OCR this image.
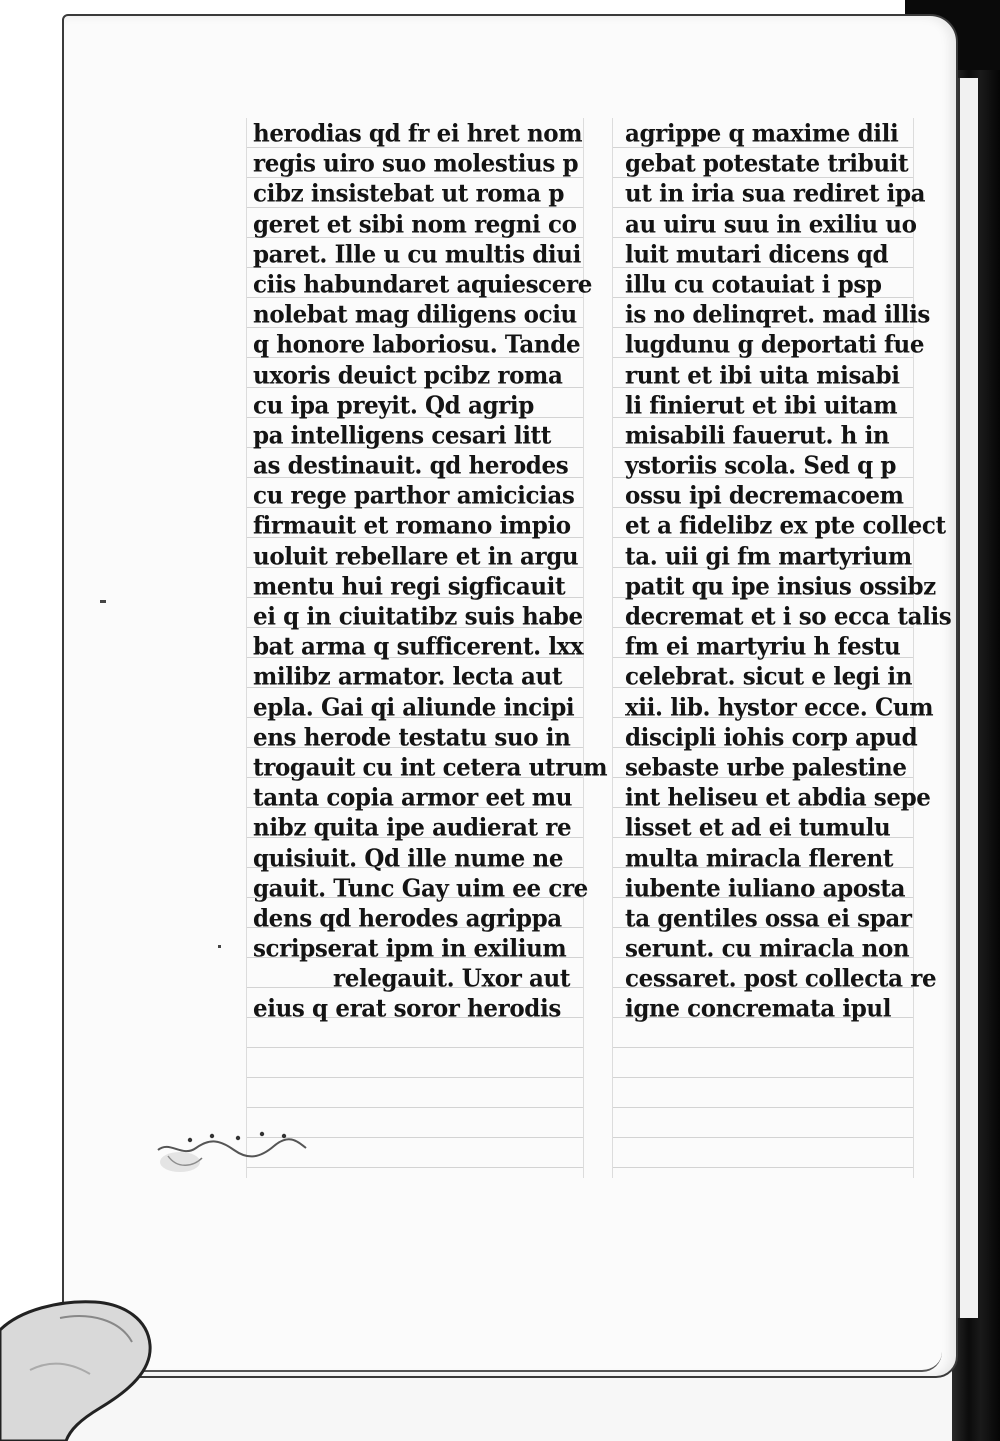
herodias qd fr ei hret nom
regis uiro suo molestius p
cibz insistebat ut roma p
geret et sibi nom regni co
paret. Ille u cu multis diui
ciis habundaret aquiescere
nolebat mag diligens ociu
q honore laboriosu. Tande
uxoris deuict pcibz roma
cu ipa preyit. Qd agrip
pa intelligens cesari litt
as destinauit. qd herodes
cu rege parthor amicicias
firmauit et romano impio
uoluit rebellare et in argu
mentu hui regi sigficauit
ei q in ciuitatibz suis habe
bat arma q sufficerent. lxx
milibz armator. lecta aut
epla. Gai qi aliunde incipi
ens herode testatu suo in
trogauit cu int cetera utrum
tanta copia armor eet mu
nibz quita ipe audierat re
quisiuit. Qd ille nume ne
gauit. Tunc Gay uim ee cre
dens qd herodes agrippa
scripserat ipm in exilium
relegauit. Uxor aut
eius q erat soror herodis
agrippe q maxime dili
gebat potestate tribuit
ut in iria sua rediret ipa
au uiru suu in exiliu uo
luit mutari dicens qd
illu cu cotauiat i psp
is no delinqret. mad illis
lugdunu g deportati fue
runt et ibi uita misabi
li finierut et ibi uitam
misabili fauerut. h in
ystoriis scola. Sed q p
ossu ipi decremacoem
et a fidelibz ex pte collect
ta. uii gi fm martyrium
patit qu ipe insius ossibz
decremat et i so ecca talis
fm ei martyriu h festu
celebrat. sicut e legi in
xii. lib. hystor ecce. Cum
discipli iohis corp apud
sebaste urbe palestine
int heliseu et abdia sepe
lisset et ad ei tumulu
multa miracla flerent
iubente iuliano aposta
ta gentiles ossa ei spar
serunt. cu miracla non
cessaret. post collecta re
igne concremata ipul
